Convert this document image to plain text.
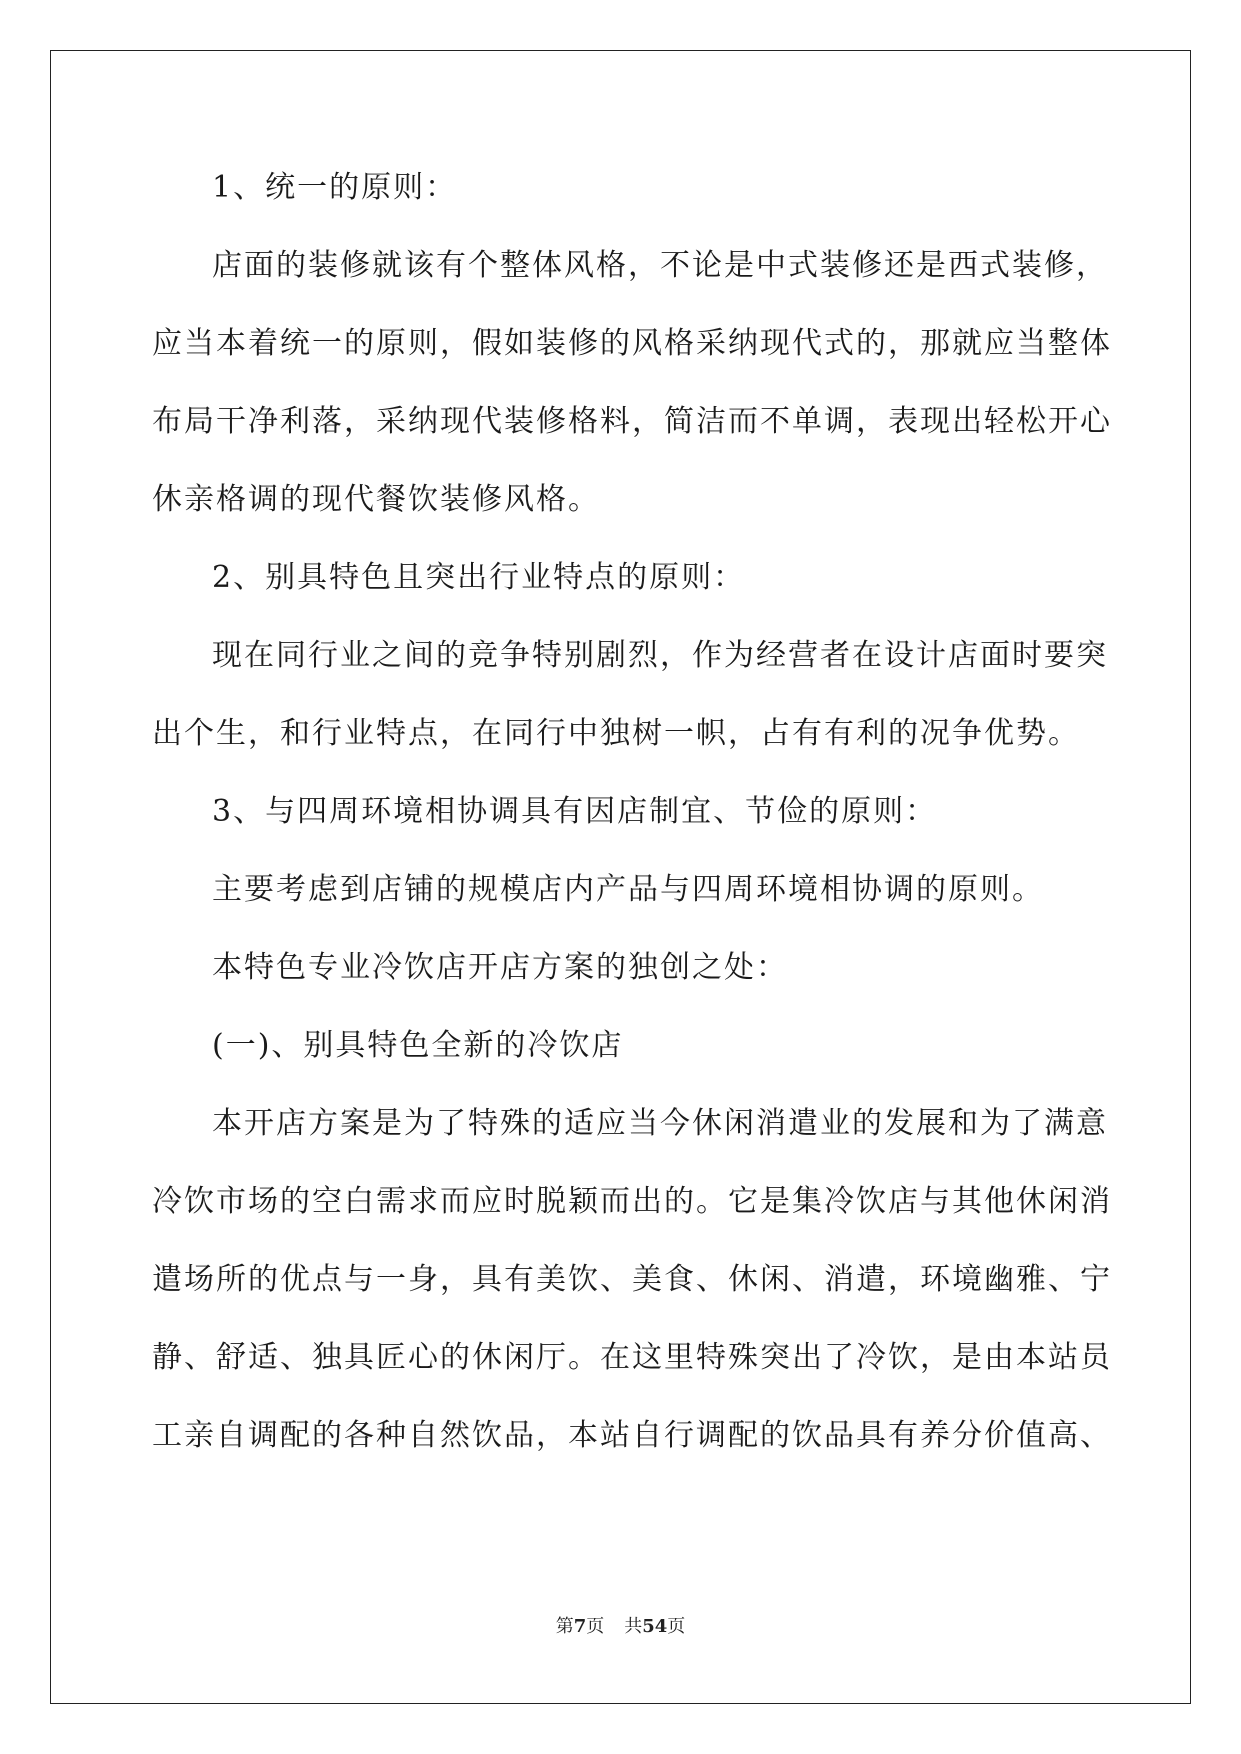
1、统一的原则：
店面的装修就该有个整体风格，不论是中式装修还是西式装修，
应当本着统一的原则，假如装修的风格采纳现代式的，那就应当整体
布局干净利落，采纳现代装修格料，简洁而不单调，表现出轻松开心
休亲格调的现代餐饮装修风格。
2、别具特色且突出行业特点的原则：
现在同行业之间的竞争特别剧烈，作为经营者在设计店面时要突
出个生，和行业特点，在同行中独树一帜，占有有利的况争优势。
3、与四周环境相协调具有因店制宜、节俭的原则：
主要考虑到店铺的规模店内产品与四周环境相协调的原则。
本特色专业冷饮店开店方案的独创之处：
(一)、别具特色全新的冷饮店
本开店方案是为了特殊的适应当今休闲消遣业的发展和为了满意
冷饮市场的空白需求而应时脱颖而出的。它是集冷饮店与其他休闲消
遣场所的优点与一身，具有美饮、美食、休闲、消遣，环境幽雅、宁
静、舒适、独具匠心的休闲厅。在这里特殊突出了冷饮，是由本站员
工亲自调配的各种自然饮品，本站自行调配的饮品具有养分价值高、
第7页 共54页
